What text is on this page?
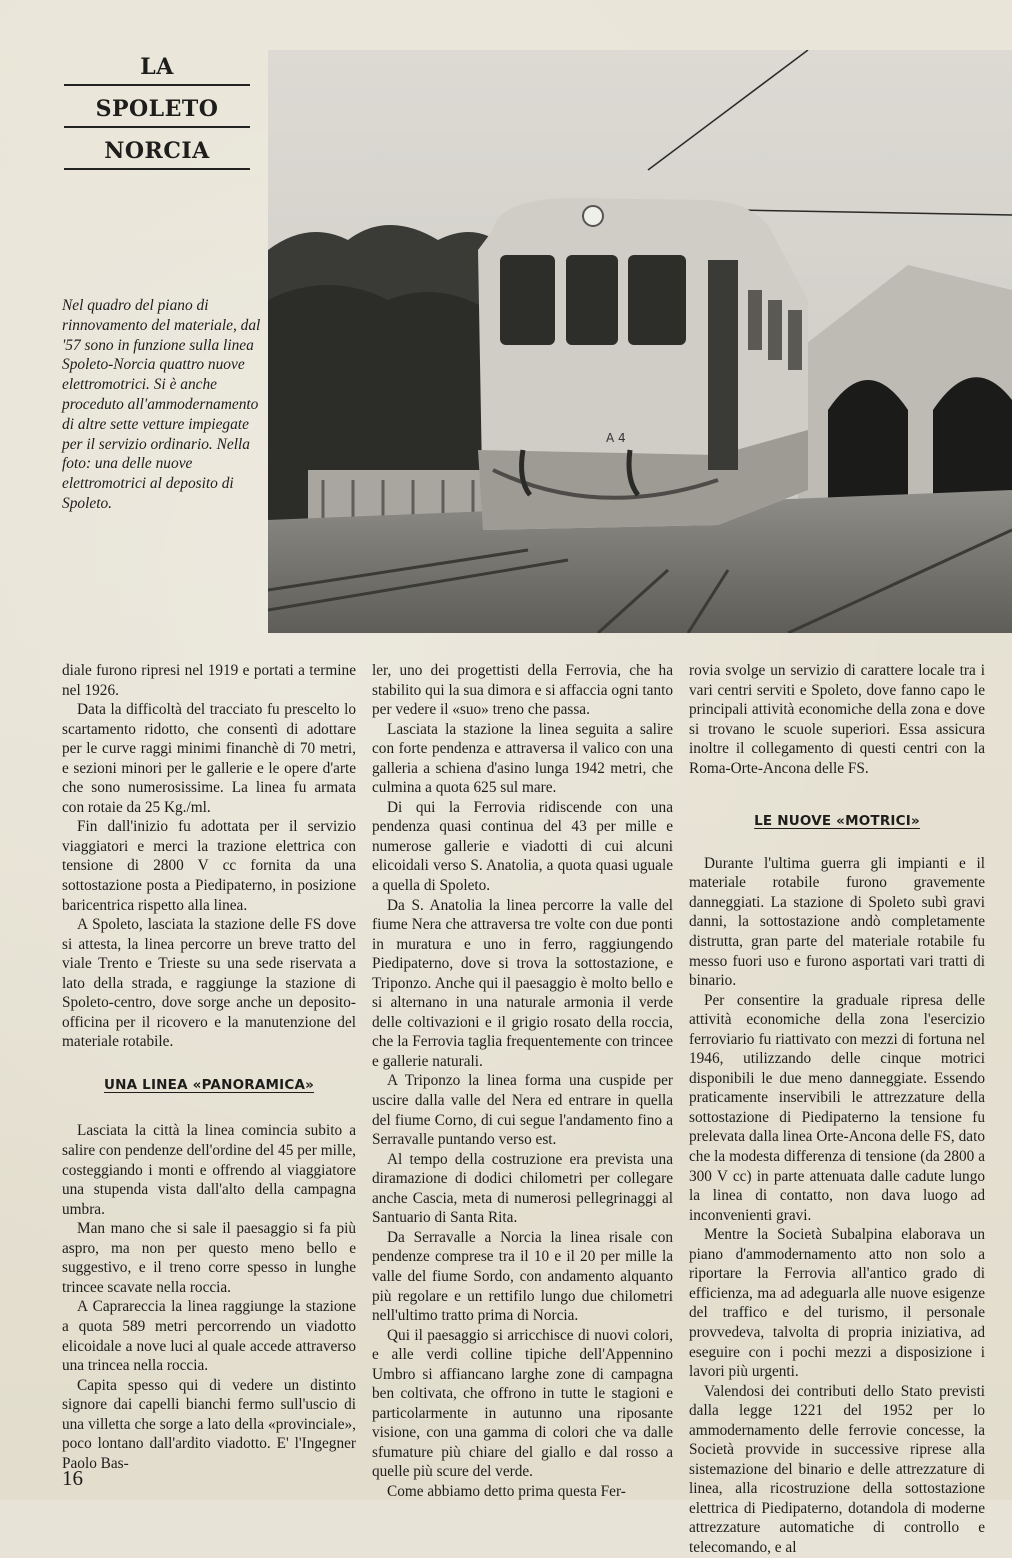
LA
SPOLETO
NORCIA
Nel quadro del piano di rinnovamento del materiale, dal '57 sono in funzione sulla linea Spoleto-Norcia quattro nuove elettromotrici. Si è anche proceduto all'ammodernamento di altre sette vetture impiegate per il servizio ordinario. Nella foto: una delle nuove elettromotrici al deposito di Spoleto.
A 4

diale furono ripresi nel 1919 e portati a termine nel 1926.

Data la difficoltà del tracciato fu prescelto lo scartamento ridotto, che consentì di adottare per le curve raggi minimi financhè di 70 metri, e sezioni minori per le gallerie e le opere d'arte che sono numerosissime. La linea fu armata con rotaie da 25 Kg./ml.

Fin dall'inizio fu adottata per il servizio viaggiatori e merci la trazione elettrica con tensione di 2800 V cc fornita da una sottostazione posta a Piedipaterno, in posizione baricentrica rispetto alla linea.

A Spoleto, lasciata la stazione delle FS dove si attesta, la linea percorre un breve tratto del viale Trento e Trieste su una sede riservata a lato della strada, e raggiunge la stazione di Spoleto-centro, dove sorge anche un deposito-officina per il ricovero e la manutenzione del materiale rotabile.

UNA LINEA «PANORAMICA»

Lasciata la città la linea comincia subito a salire con pendenze dell'ordine del 45 per mille, costeggiando i monti e offrendo al viaggiatore una stupenda vista dall'alto della campagna umbra.

Man mano che si sale il paesaggio si fa più aspro, ma non per questo meno bello e suggestivo, e il treno corre spesso in lunghe trincee scavate nella roccia.

A Caprareccia la linea raggiunge la stazione a quota 589 metri percorrendo un viadotto elicoidale a nove luci al quale accede attraverso una trincea nella roccia.

Capita spesso qui di vedere un distinto signore dai capelli bianchi fermo sull'uscio di una villetta che sorge a lato della «provinciale», poco lontano dall'ardito viadotto. E' l'Ingegner Paolo Bas-

ler, uno dei progettisti della Ferrovia, che ha stabilito qui la sua dimora e si affaccia ogni tanto per vedere il «suo» treno che passa.

Lasciata la stazione la linea seguita a salire con forte pendenza e attraversa il valico con una galleria a schiena d'asino lunga 1942 metri, che culmina a quota 625 sul mare.

Di qui la Ferrovia ridiscende con una pendenza quasi continua del 43 per mille e numerose gallerie e viadotti di cui alcuni elicoidali verso S. Anatolia, a quota quasi uguale a quella di Spoleto.

Da S. Anatolia la linea percorre la valle del fiume Nera che attraversa tre volte con due ponti in muratura e uno in ferro, raggiungendo Piedipaterno, dove si trova la sottostazione, e Triponzo. Anche qui il paesaggio è molto bello e si alternano in una naturale armonia il verde delle coltivazioni e il grigio rosato della roccia, che la Ferrovia taglia frequentemente con trincee e gallerie naturali.

A Triponzo la linea forma una cuspide per uscire dalla valle del Nera ed entrare in quella del fiume Corno, di cui segue l'andamento fino a Serravalle puntando verso est.

Al tempo della costruzione era prevista una diramazione di dodici chilometri per collegare anche Cascia, meta di numerosi pellegrinaggi al Santuario di Santa Rita.

Da Serravalle a Norcia la linea risale con pendenze comprese tra il 10 e il 20 per mille la valle del fiume Sordo, con andamento alquanto più regolare e un rettifilo lungo due chilometri nell'ultimo tratto prima di Norcia.

Qui il paesaggio si arricchisce di nuovi colori, e alle verdi colline tipiche dell'Appennino Umbro si affiancano larghe zone di campagna ben coltivata, che offrono in tutte le stagioni e particolarmente in autunno una riposante visione, con una gamma di colori che va dalle sfumature più chiare del giallo e dal rosso a quelle più scure del verde.

Come abbiamo detto prima questa Fer-

rovia svolge un servizio di carattere locale tra i vari centri serviti e Spoleto, dove fanno capo le principali attività economiche della zona e dove si trovano le scuole superiori. Essa assicura inoltre il collegamento di questi centri con la Roma-Orte-Ancona delle FS.

LE NUOVE «MOTRICI»

Durante l'ultima guerra gli impianti e il materiale rotabile furono gravemente danneggiati. La stazione di Spoleto subì gravi danni, la sottostazione andò completamente distrutta, gran parte del materiale rotabile fu messo fuori uso e furono asportati vari tratti di binario.

Per consentire la graduale ripresa delle attività economiche della zona l'esercizio ferroviario fu riattivato con mezzi di fortuna nel 1946, utilizzando delle cinque motrici disponibili le due meno danneggiate. Essendo praticamente inservibili le attrezzature della sottostazione di Piedipaterno la tensione fu prelevata dalla linea Orte-Ancona delle FS, dato che la modesta differenza di tensione (da 2800 a 300 V cc) in parte attenuata dalle cadute lungo la linea di contatto, non dava luogo ad inconvenienti gravi.

Mentre la Società Subalpina elaborava un piano d'ammodernamento atto non solo a riportare la Ferrovia all'antico grado di efficienza, ma ad adeguarla alle nuove esigenze del traffico e del turismo, il personale provvedeva, talvolta di propria iniziativa, ad eseguire con i pochi mezzi a disposizione i lavori più urgenti.

Valendosi dei contributi dello Stato previsti dalla legge 1221 del 1952 per lo ammodernamento delle ferrovie concesse, la Società provvide in successive riprese alla sistemazione del binario e delle attrezzature di linea, alla ricostruzione della sottostazione elettrica di Piedipaterno, dotandola di moderne attrezzature automatiche di controllo e telecomando, e al

16
